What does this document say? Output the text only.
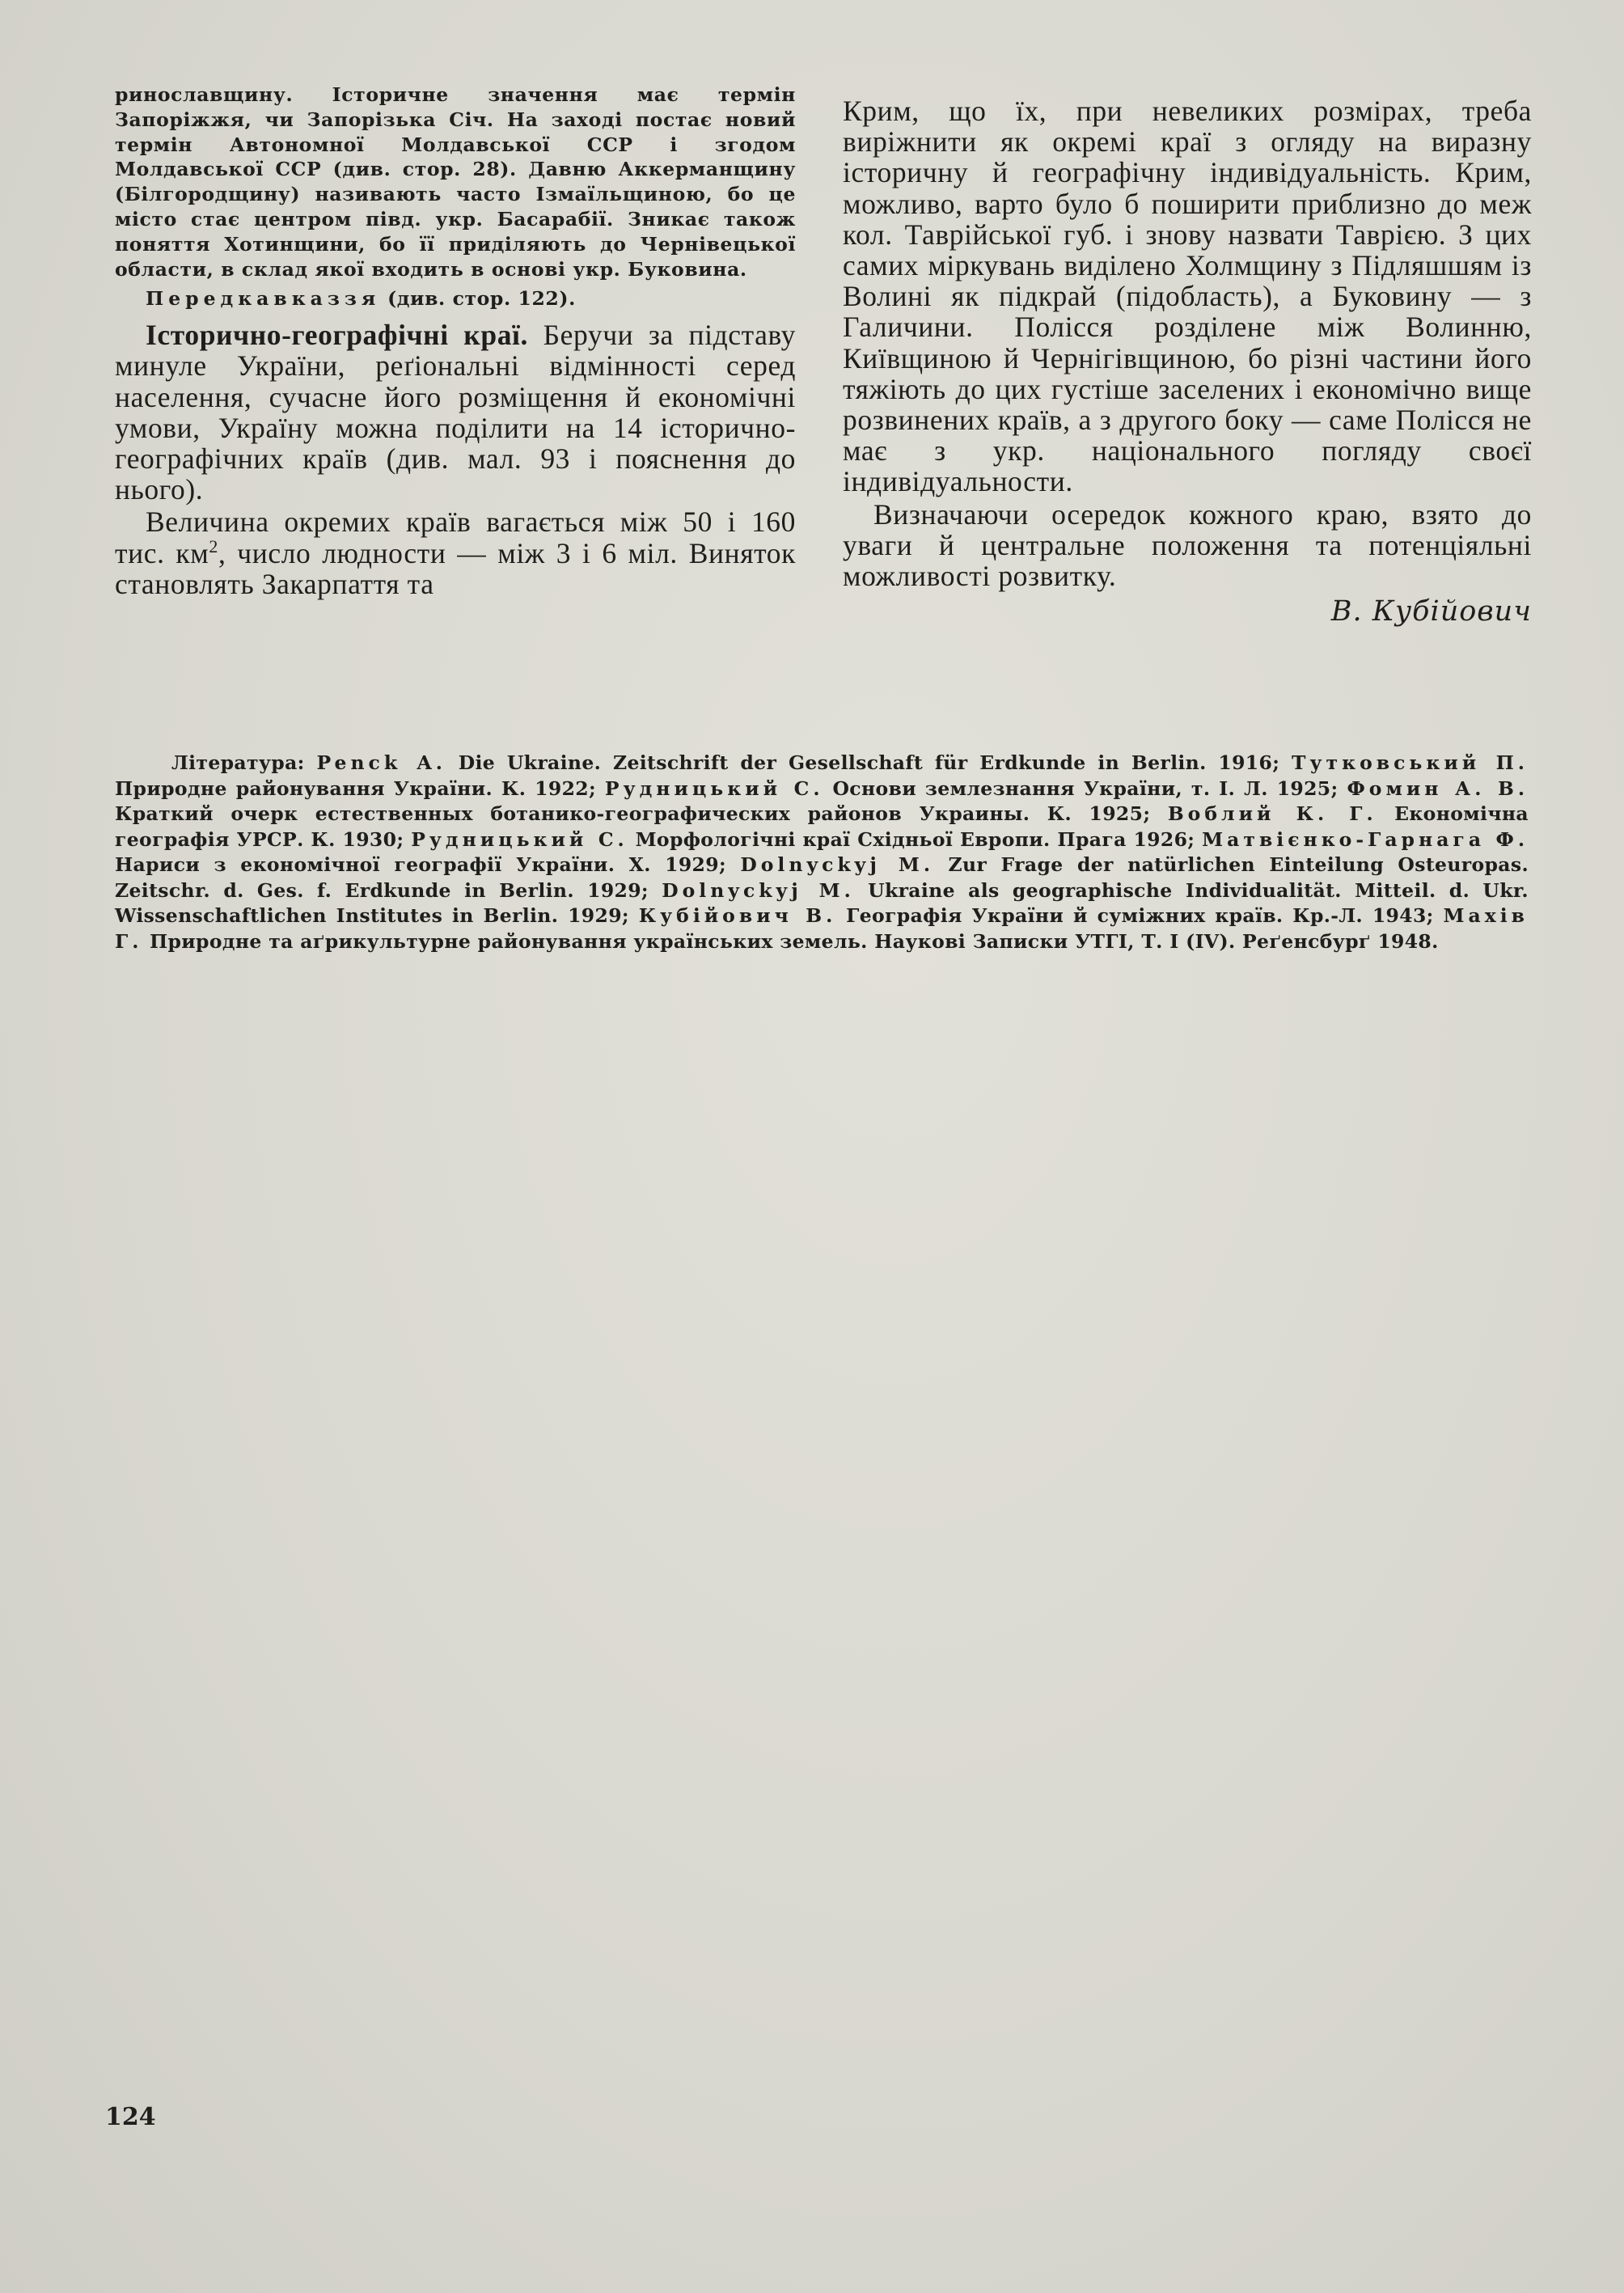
риноcлавщину. Історичне значення має термін Запоріжжя, чи Запорізька Січ. На заході постає новий термін Автономної Молдавської ССР і згодом Молдавської ССР (див. стор. 28). Давню Аккерманщину (Білгородщину) називають часто Ізмаїльщиною, бо це місто стає центром півд. укр. Басарабії. Зникає також поняття Хотинщини, бо її приділяють до Чернівецької области, в склад якої входить в основі укр. Буковина.

Передкавказзя (див. стор. 122).

Історично-географічні краї. Беручи за підставу минуле України, реґіональні відмінності серед населення, сучасне його розміщення й економічні умови, Україну можна поділити на 14 історично-географічних країв (див. мал. 93 і пояснення до нього).

Величина окремих країв вагається між 50 і 160 тис. $км^2$, число людности — між 3 і 6 міл. Виняток становлять Закарпаття та

Крим, що їх, при невеликих розмірах, треба виріжнити як окремі краї з огляду на виразну історичну й географічну індивідуальність. Крим, можливо, варто було б поширити приблизно до меж кол. Таврійської губ. і знову назвати Таврією. З цих самих міркувань виділено Холмщину з Підляшшям із Волині як підкрай (підобласть), а Буковину — з Галичини. Полісся розділене між Волинню, Київщиною й Чернігівщиною, бо різні частини його тяжіють до цих густіше заселених і економічно вище розвинених країв, а з другого боку — саме Полісся не має з укр. національного погляду своєї індивідуальности.

Визначаючи осередок кожного краю, взято до уваги й центральне положення та потенціяльні можливості розвитку.

В. Кубійович
Література: Penck A. Die Ukraine. Zeitschrift der Gesellschaft für Erdkunde in Berlin. 1916; Тутковський П. Природне районування України. К. 1922; Рудницький С. Основи землезнання України, т. І. Л. 1925; Фомин А. В. Краткий очерк естественных ботанико-географических районов Украины. К. 1925; Воблий К. Г. Економічна географія УРСР. К. 1930; Рудницький С. Морфологічні краї Східньої Европи. Прага 1926; Матвієнко-Гарнага Ф. Нариси з економічної географії України. Х. 1929; Dolnyckyj M. Zur Frage der natürlichen Einteilung Osteuropas. Zeitschr. d. Ges. f. Erdkunde in Berlin. 1929; Dolnyckyj M. Ukraine als geographische Individualität. Mitteil. d. Ukr. Wissenschaftlichen Institutes in Berlin. 1929; Кубійович В. Географія України й суміжних країв. Кр.-Л. 1943; Махів Г. Природне та аґрикультурне районування українських земель. Наукові Записки УТГІ, Т. І (IV). Реґенсбурґ 1948.
124
